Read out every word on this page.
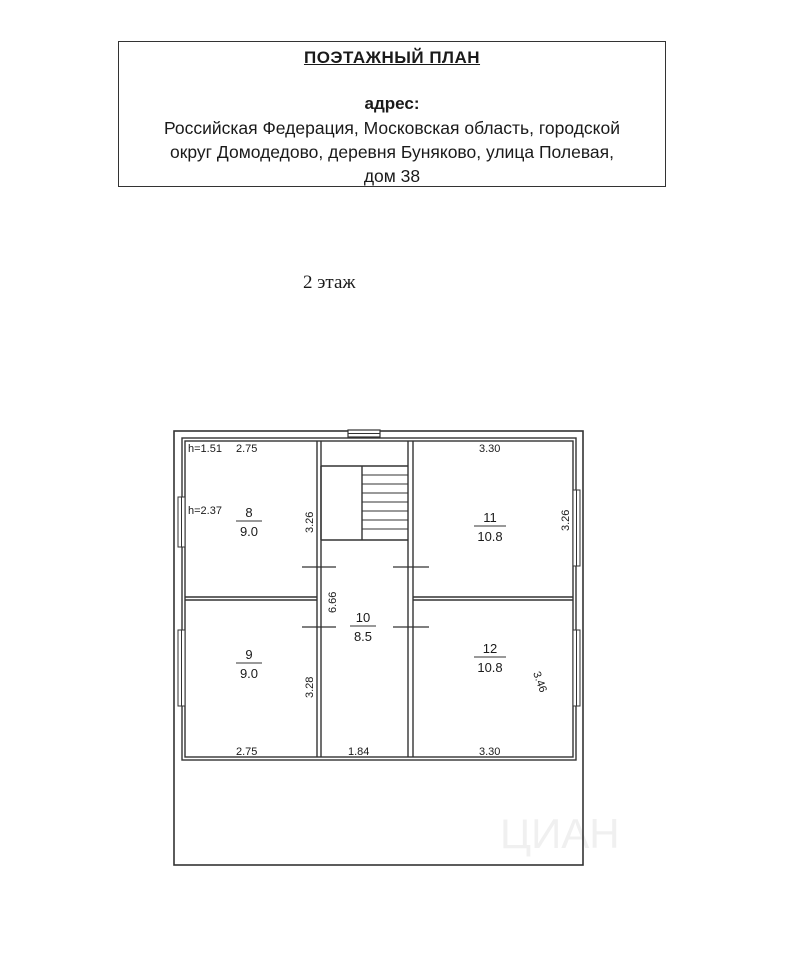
ПОЭТАЖНЫЙ ПЛАН
адрес:
Российская Федерация, Московская область, городской
округ Домодедово, деревня Буняково, улица Полевая,
дом 38
2 этаж
ЦИАН
8
9.0
9
9.0
10
8.5
11
10.8
12
10.8
h=1.51 2.75
h=2.37
2.75	1.84
3.30
3.30
3.26
3.28
6.66
3.26
3.46
